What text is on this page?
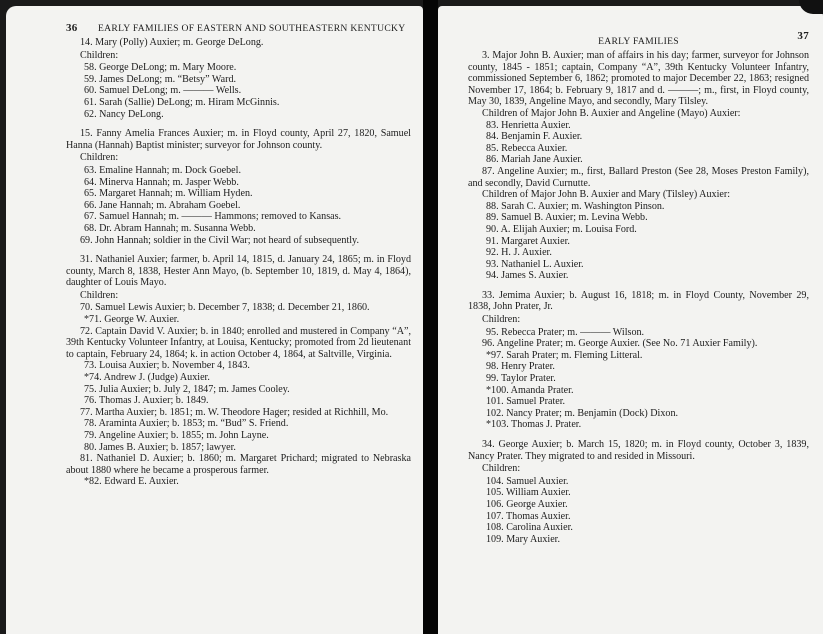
36 EARLY FAMILIES OF EASTERN AND SOUTHEASTERN KENTUCKY

14. Mary (Polly) Auxier; m. George DeLong.

Children:

58. George DeLong; m. Mary Moore.

59. James DeLong; m. “Betsy” Ward.

60. Samuel DeLong; m. ——— Wells.

61. Sarah (Sallie) DeLong; m. Hiram McGinnis.

62. Nancy DeLong.

15. Fanny Amelia Frances Auxier; m. in Floyd county, April 27, 1820, Samuel Hanna (Hannah) Baptist minister; surveyor for Johnson county.

Children:

63. Emaline Hannah; m. Dock Goebel.

64. Minerva Hannah; m. Jasper Webb.

65. Margaret Hannah; m. William Hyden.

66. Jane Hannah; m. Abraham Goebel.

67. Samuel Hannah; m. ——— Hammons; removed to Kansas.

68. Dr. Abram Hannah; m. Susanna Webb.

69. John Hannah; soldier in the Civil War; not heard of subsequently.

31. Nathaniel Auxier; farmer, b. April 14, 1815, d. January 24, 1865; m. in Floyd county, March 8, 1838, Hester Ann Mayo, (b. September 10, 1819, d. May 4, 1864), daughter of Louis Mayo.

Children:

70. Samuel Lewis Auxier; b. December 7, 1838; d. December 21, 1860.

*71. George W. Auxier.

72. Captain David V. Auxier; b. in 1840; enrolled and mustered in Company “A”, 39th Kentucky Volunteer Infantry, at Louisa, Kentucky; promoted from 2d lieutenant to captain, February 24, 1864; k. in action October 4, 1864, at Saltville, Virginia.

73. Louisa Auxier; b. November 4, 1843.

*74. Andrew J. (Judge) Auxier.

75. Julia Auxier; b. July 2, 1847; m. James Cooley.

76. Thomas J. Auxier; b. 1849.

77. Martha Auxier; b. 1851; m. W. Theodore Hager; resided at Richhill, Mo.

78. Araminta Auxier; b. 1853; m. “Bud” S. Friend.

79. Angeline Auxier; b. 1855; m. John Layne.

80. James B. Auxier; b. 1857; lawyer.

81. Nathaniel D. Auxier; b. 1860; m. Margaret Prichard; migrated to Nebraska about 1880 where he became a prosperous farmer.

*82. Edward E. Auxier.

EARLY FAMILIES	37

3. Major John B. Auxier; man of affairs in his day; farmer, surveyor for Johnson county, 1845 - 1851; captain, Company “A”, 39th Kentucky Volunteer Infantry, commissioned September 6, 1862; promoted to major December 22, 1863; resigned November 17, 1864; b. February 9, 1817 and d. ———; m., first, in Floyd county, May 30, 1839, Angeline Mayo, and secondly, Mary Tilsley.

Children of Major John B. Auxier and Angeline (Mayo) Auxier:

83. Henrietta Auxier.

84. Benjamin F. Auxier.

85. Rebecca Auxier.

86. Mariah Jane Auxier.

87. Angeline Auxier; m., first, Ballard Preston (See 28, Moses Preston Family), and secondly, David Curnutte.

Children of Major John B. Auxier and Mary (Tilsley) Auxier:

88. Sarah C. Auxier; m. Washington Pinson.

89. Samuel B. Auxier; m. Levina Webb.

90. A. Elijah Auxier; m. Louisa Ford.

91. Margaret Auxier.

92. H. J. Auxier.

93. Nathaniel L. Auxier.

94. James S. Auxier.

33. Jemima Auxier; b. August 16, 1818; m. in Floyd County, November 29, 1838, John Prater, Jr.

Children:

95. Rebecca Prater; m. ——— Wilson.

96. Angeline Prater; m. George Auxier. (See No. 71 Auxier Family).

*97. Sarah Prater; m. Fleming Litteral.

98. Henry Prater.

99. Taylor Prater.

*100. Amanda Prater.

101. Samuel Prater.

102. Nancy Prater; m. Benjamin (Dock) Dixon.

*103. Thomas J. Prater.

34. George Auxier; b. March 15, 1820; m. in Floyd county, October 3, 1839, Nancy Prater. They migrated to and resided in Missouri.

Children:

104. Samuel Auxier.

105. William Auxier.

106. George Auxier.

107. Thomas Auxier.

108. Carolina Auxier.

109. Mary Auxier.
